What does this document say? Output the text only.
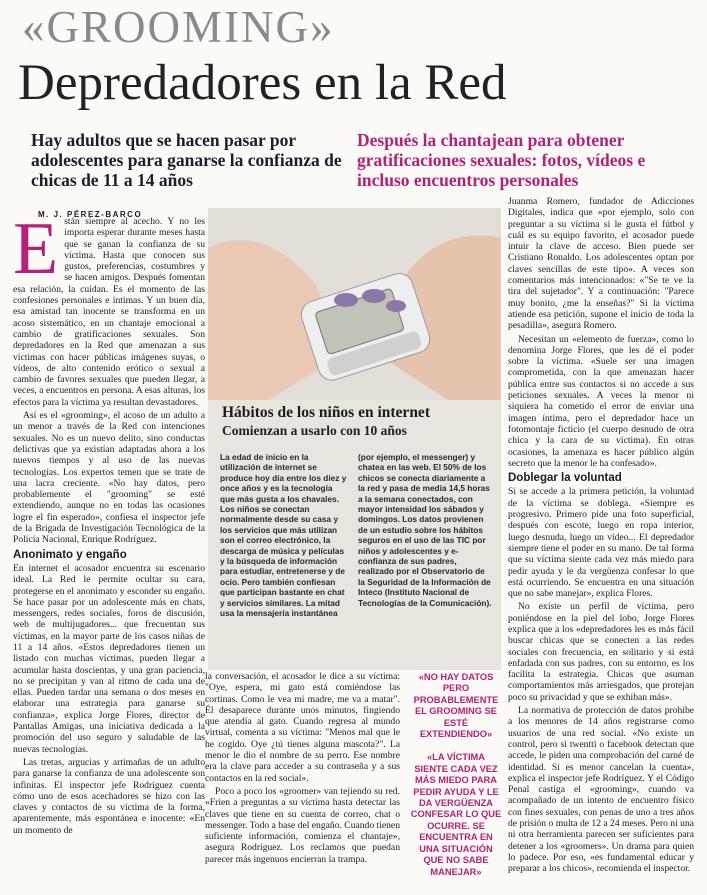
«GROOMING»
Depredadores en la Red
Hay adultos que se hacen pasar por adolescentes para ganarse la confianza de chicas de 11 a 14 años
Después la chantajean para obtener gratificaciones sexuales: fotos, vídeos e incluso encuentros personales
M. J. PÉREZ-BARCO
E stán siempre al acecho. Y no les importa esperar durante meses hasta que se ganan la confianza de su víctima. Hasta que conocen sus gustos, preferencias, costumbres y se hacen amigos. Después fomentan esa relación, la cuidan. Es el momento de las confesiones personales e íntimas. Y un buen día, esa amistad tan inocente se transforma en un acoso sistemático, en un chantaje emocional a cambio de gratificaciones sexuales. Son depredadores en la Red que amenazan a sus víctimas con hacer públicas imágenes suyas, o vídeos, de alto contenido erótico o sexual a cambio de favores sexuales que pueden llegar, a veces, a encuentros en persona. A esas alturas, los efectos para la víctima ya resultan devastadores.

Así es el «grooming», el acoso de un adulto a un menor a través de la Red con intenciones sexuales. No es un nuevo delito, sino conductas delictivas que ya existían adaptadas ahora a los nuevos tiempos y al uso de las nuevas tecnologías. Los expertos temen que se trate de una lacra creciente. «No hay datos, pero probablemente el "grooming" se esté extendiendo, aunque no en todas las ocasiones logre el fin esperado», confiesa el inspector jefe de la Brigada de Investigación Tecnológica de la Policía Nacional, Enrique Rodríguez.

Anonimato y engaño

En internet el acosador encuentra su escenario ideal. La Red le permite ocultar su cara, protegerse en el anonimato y esconder su engaño. Se hace pasar por un adolescente más en chats, messengers, redes sociales, foros de discusión, web de multijugadores... que frecuentan sus víctimas, en la mayor parte de los casos niñas de 11 a 14 años. «Estos depredadores tienen un listado con muchas víctimas, pueden llegar a acumular hasta doscientas, y una gran paciencia, no se precipitan y van al ritmo de cada una de ellas. Pueden tardar una semana o dos meses en elaborar una estrategia para ganarse su confianza», explica Jorge Flores, director de Pantallas Amigas, una iniciativa dedicada a la promoción del uso seguro y saludable de las nuevas tecnologías.

Las tretas, argucias y artimañas de un adulto para ganarse la confianza de una adolescente son infinitas. El inspector jefe Rodríguez cuenta cómo uno de esos acechadores se hizo con las claves y contactos de su víctima de la forma, aparentemente, más espontánea e inocente: «En un momento de

Hábitos de los niños en internet
Comienzan a usarlo con 10 años
La edad de inicio en la utilización de internet se produce hoy día entre los diez y once años y es la tecnología que más gusta a los chavales. Los niños se conectan normalmente desde su casa y los servicios que más utilizan son el correo electrónico, la descarga de música y películas y la búsqueda de información para estudiar, entretenerse y de ocio. Pero también confiesan que participan bastante en chat y servicios similares. La mitad usa la mensajería instantánea
(por ejemplo, el messenger) y chatea en las web. El 50% de los chicos se conecta diariamente a la red y pasa de media 14,5 horas a la semana conectados, con mayor intensidad los sábados y domingos. Los datos provienen de un estudio sobre los hábitos seguros en el uso de las TIC por niños y adolescentes y e-confianza de sus padres, realizado por el Observatorio de la Seguridad de la Información de Inteco (Instituto Nacional de Tecnologías de la Comunicación).

la conversación, el acosador le dice a su víctima: "Oye, espera, mi gato está comiéndose las cortinas. Como le vea mi madre, me va a matar". Él desaparece durante unos minutos, fingiendo que atendía al gato. Cuando regresa al mundo virtual, comenta a su víctima: "Menos mal que le he cogido. Oye ¿tú tienes alguna mascota?". La menor le dio el nombre de su perro. Ese nombre era la clave para acceder a su contraseña y a sus contactos en la red social».

Poco a poco los «groomer» van tejiendo su red. «Frien a preguntas a su víctima hasta detectar las claves que tiene en su cuenta de correo, chat o messenger. Todo a base del engaño. Cuando tienen suficiente información, comienza el chantaje», asegura Rodríguez. Los reclamos que puedan parecer más ingenuos encierran la trampa.

«NO HAY DATOS PERO PROBABLEMENTE EL GROOMING SE ESTÉ EXTENDIENDO»
«LA VÍCTIMA SIENTE CADA VEZ MÁS MIEDO PARA PEDIR AYUDA Y LE DA VERGÜENZA CONFESAR LO QUE OCURRE. SE ENCUENTRA EN UNA SITUACIÓN QUE NO SABE MANEJAR»

Juanma Romero, fundador de Adicciones Digitales, indica que «por ejemplo, solo con preguntar a su víctima si le gusta el fútbol y cuál es su equipo favorito, el acosador puede intuir la clave de acceso. Bien puede ser Cristiano Ronaldo. Los adolescentes optan por claves sencillas de este tipo». A veces son comentarios más intencionados: «"Se te ve la tira del sujetador". Y a continuación: "Parece muy bonito, ¿me la enseñas?" Si la víctima atiende esa petición, supone el inicio de toda la pesadilla», asegura Romero.

Necesitan un «elemento de fuerza», como lo denomina Jorge Flores, que les dé el poder sobre la víctima. «Suele ser una imagen comprometida, con la que amenazan hacer pública entre sus contactos si no accede a sus peticiones sexuales. A veces la menor ni siquiera ha cometido el error de enviar una imagen íntima, pero el depredador hace un fotomontaje ficticio (el cuerpo desnudo de otra chica y la cara de su víctima). En otras ocasiones, la amenaza es hacer público algún secreto que la menor le ha confesado».

Doblegar la voluntad

Si se accede a la primera petición, la voluntad de la víctima se doblega. «Siempre es progresivo. Primero pide una foto superficial, después con escote, luego en ropa interior, luego desnuda, luego un vídeo... El depredador siempre tiene el poder en su mano. De tal forma que su víctima siente cada vez más miedo para pedir ayuda y le da vergüenza confesar lo que está ocurriendo. Se encuentra en una situación que no sabe manejar», explica Flores.

No existe un perfil de víctima, pero poniéndose en la piel del lobo, Jorge Flores explica que a los «depredadores les es más fácil buscar chicas que se conecten a las redes sociales con frecuencia, en solitario y si está enfadada con sus padres, con su entorno, es los facilita la estrategia. Chicas que asuman comportamientos más arriesgados, que protejan poco su privacidad y que se exhiban más».

La normativa de protección de datos prohíbe a los menores de 14 años registrarse como usuarios de una red social. «No existe un control, pero si twentti o facebook detectan que accede, le piden una comprobación del carné de identidad. Si es menor cancelan la cuenta», explica el inspector jefe Rodríguez. Y el Código Penal castiga el «grooming», cuando va acompañado de un intento de encuentro físico con fines sexuales, con penas de uno a tres años de prisión o multa de 12 a 24 meses. Pero ni una ni otra herramienta parecen ser suficientes para detener a los «groomers». Un drama para quien lo padece. Por eso, «es fundamental educar y preparar a los chicos», recomienda el inspector.
